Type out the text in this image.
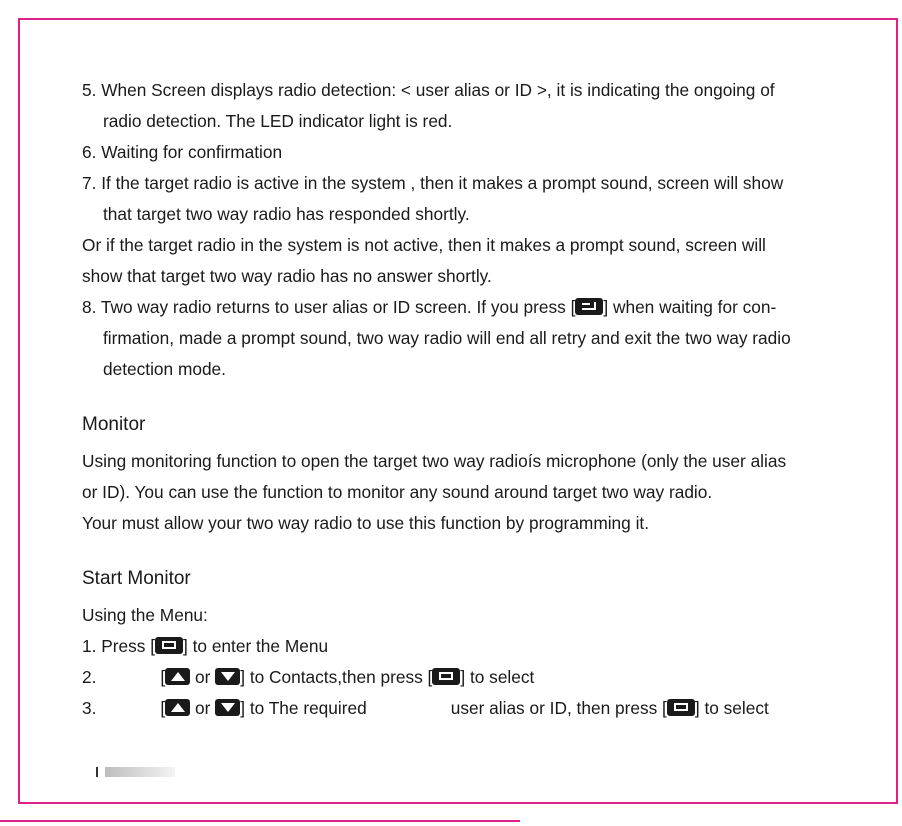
5. When Screen displays radio detection: < user alias or ID >, it is indicating the ongoing of
radio detection. The LED indicator light is red.
6. Waiting for confirmation
7. If the target radio is active in the system , then it makes a prompt sound, screen will show
that target two way radio has responded shortly.
Or if the target radio in the system is not active, then it makes a prompt sound, screen will
show that target two way radio has no answer shortly.
8. Two way radio returns to user alias or ID screen. If you press [ ] when waiting for con-
firmation, made a prompt sound, two way radio will end all retry and exit the two way radio
detection mode.
Monitor
Using monitoring function to open the target two way radioís microphone (only the user alias
or ID). You can use the function to monitor any sound around target two way radio.
Your must allow your two way radio to use this function by programming it.
Start Monitor
Using the Menu:
1. Press [ ] to enter the Menu
2.	[ or ] to Contacts,then press [ ] to select
3.	[ or ] to The required	user alias or ID, then press [ ] to select
